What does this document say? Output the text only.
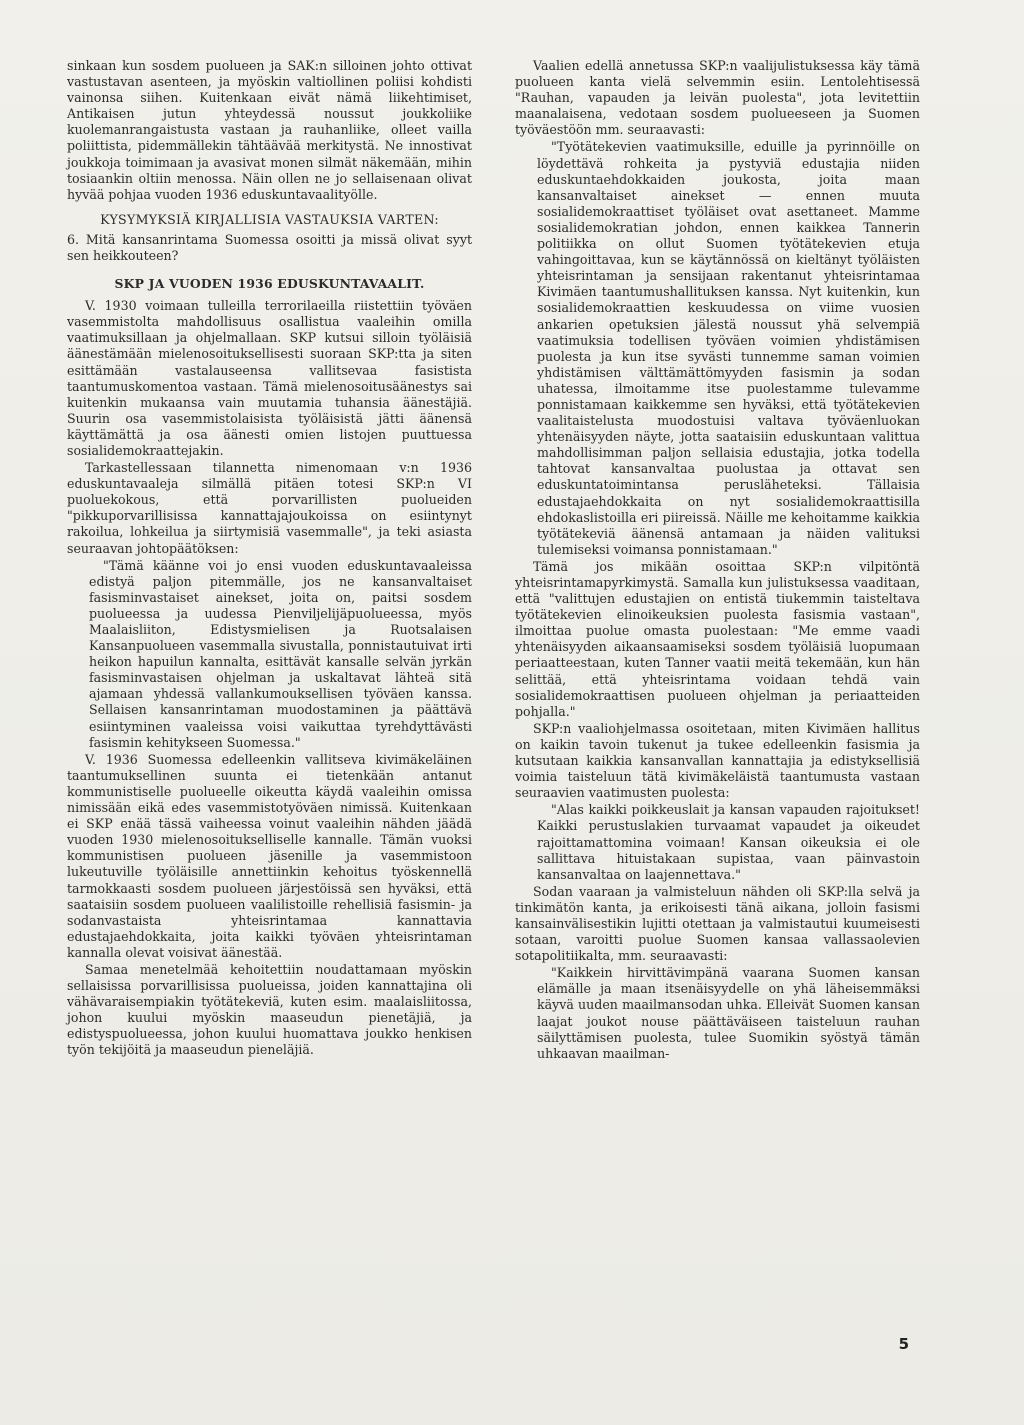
sinkaan kun sosdem puolueen ja SAK:n silloinen johto ottivat vastustavan asenteen, ja myöskin valtiollinen poliisi kohdisti vainonsa siihen. Kuitenkaan eivät nämä liikehtimiset, Antikaisen jutun yhteydessä noussut joukkoliike kuolemanrangaistusta vastaan ja rauhanliike, olleet vailla poliittista, pidemmällekin tähtäävää merkitystä. Ne innostivat joukkoja toimimaan ja avasivat monen silmät näkemään, mihin tosiaankin oltiin menossa. Näin ollen ne jo sellaisenaan olivat hyvää pohjaa vuoden 1936 eduskuntavaalityölle.

KYSYMYKSIÄ KIRJALLISIA VASTAUKSIA VARTEN:

6. Mitä kansanrintama Suomessa osoitti ja missä olivat syyt sen heikkouteen?

SKP JA VUODEN 1936 EDUSKUNTAVAALIT.

V. 1930 voimaan tulleilla terrorilaeilla riistettiin työväen vasemmistolta mahdollisuus osallistua vaaleihin omilla vaatimuksillaan ja ohjelmallaan. SKP kutsui silloin työläisiä äänestämään mielenosoituksellisesti suoraan SKP:tta ja siten esittämään vastalauseensa vallitsevaa fasistista taantumuskomentoa vastaan. Tämä mielenosoitusäänestys sai kuitenkin mukaansa vain muutamia tuhansia äänestäjiä. Suurin osa vasemmistolaisista työläisistä jätti äänensä käyttämättä ja osa äänesti omien listojen puuttuessa sosialidemokraattejakin.

Tarkastellessaan tilannetta nimenomaan v:n 1936 eduskuntavaaleja silmällä pitäen totesi SKP:n VI puoluekokous, että porvarillisten puolueiden "pikkuporvarillisissa kannattajajoukoissa on esiintynyt rakoilua, lohkeilua ja siirtymisiä vasemmalle", ja teki asiasta seuraavan johtopäätöksen:

"Tämä käänne voi jo ensi vuoden eduskuntavaaleissa edistyä paljon pitemmälle, jos ne kansanvaltaiset fasisminvastaiset ainekset, joita on, paitsi sosdem puolueessa ja uudessa Pienviljelijäpuolueessa, myös Maalaisliiton, Edistysmielisen ja Ruotsalaisen Kansanpuolueen vasemmalla sivustalla, ponnistautuivat irti heikon hapuilun kannalta, esittävät kansalle selvän jyrkän fasisminvastaisen ohjelman ja uskaltavat lähteä sitä ajamaan yhdessä vallankumouksellisen työväen kanssa. Sellaisen kansanrintaman muodostaminen ja päättävä esiintyminen vaaleissa voisi vaikuttaa tyrehdyttävästi fasismin kehitykseen Suomessa."

V. 1936 Suomessa edelleenkin vallitseva kivimäkeläinen taantumuksellinen suunta ei tietenkään antanut kommunistiselle puolueelle oikeutta käydä vaaleihin omissa nimissään eikä edes vasemmistotyöväen nimissä. Kuitenkaan ei SKP enää tässä vaiheessa voinut vaaleihin nähden jäädä vuoden 1930 mielenosoitukselliselle kannalle. Tämän vuoksi kommunistisen puolueen jäsenille ja vasemmistoon lukeutuville työläisille annettiinkin kehoitus työskennellä tarmokkaasti sosdem puolueen järjestöissä sen hyväksi, että saataisiin sosdem puolueen vaalilistoille rehellisiä fasismin- ja sodanvastaista yhteisrintamaa kannattavia edustajaehdokkaita, joita kaikki työväen yhteisrintaman kannalla olevat voisivat äänestää.

Samaa menetelmää kehoitettiin noudattamaan myöskin sellaisissa porvarillisissa puolueissa, joiden kannattajina oli vähävaraisempiakin työtätekeviä, kuten esim. maalaisliitossa, johon kuului myöskin maaseudun pienetäjiä, ja edistyspuolueessa, johon kuului huomattava joukko henkisen työn tekijöitä ja maaseudun pieneläjiä.

Vaalien edellä annetussa SKP:n vaalijulistuksessa käy tämä puolueen kanta vielä selvemmin esiin. Lentolehtisessä "Rauhan, vapauden ja leivän puolesta", jota levitettiin maanalaisena, vedotaan sosdem puolueeseen ja Suomen työväestöön mm. seuraavasti:

"Työtätekevien vaatimuksille, eduille ja pyrinnöille on löydettävä rohkeita ja pystyviä edustajia niiden eduskuntaehdokkaiden joukosta, joita maan kansanvaltaiset ainekset — ennen muuta sosialidemokraattiset työläiset ovat asettaneet. Mamme sosialidemokratian johdon, ennen kaikkea Tannerin politiikka on ollut Suomen työtätekevien etuja vahingoittavaa, kun se käytännössä on kieltänyt työläisten yhteisrintaman ja sensijaan rakentanut yhteisrintamaa Kivimäen taantumushallituksen kanssa. Nyt kuitenkin, kun sosialidemokraattien keskuudessa on viime vuosien ankarien opetuksien jälestä noussut yhä selvempiä vaatimuksia todellisen työväen voimien yhdistämisen puolesta ja kun itse syvästi tunnemme saman voimien yhdistämisen välttämättömyyden fasismin ja sodan uhatessa, ilmoitamme itse puolestamme tulevamme ponnistamaan kaikkemme sen hyväksi, että työtätekevien vaalitaistelusta muodostuisi valtava työväenluokan yhtenäisyyden näyte, jotta saataisiin eduskuntaan valittua mahdollisimman paljon sellaisia edustajia, jotka todella tahtovat kansanvaltaa puolustaa ja ottavat sen eduskuntatoimintansa perusläheteksi. Tällaisia edustajaehdokkaita on nyt sosialidemokraattisilla ehdokaslistoilla eri piireissä. Näille me kehoitamme kaikkia työtätekeviä äänensä antamaan ja näiden valituksi tulemiseksi voimansa ponnistamaan."

Tämä jos mikään osoittaa SKP:n vilpitöntä yhteisrintamapyrkimystä. Samalla kun julistuksessa vaaditaan, että "valittujen edustajien on entistä tiukemmin taisteltava työtätekevien elinoikeuksien puolesta fasismia vastaan", ilmoittaa puolue omasta puolestaan: "Me emme vaadi yhtenäisyyden aikaansaamiseksi sosdem työläisiä luopumaan periaatteestaan, kuten Tanner vaatii meitä tekemään, kun hän selittää, että yhteisrintama voidaan tehdä vain sosialidemokraattisen puolueen ohjelman ja periaatteiden pohjalla."

SKP:n vaaliohjelmassa osoitetaan, miten Kivimäen hallitus on kaikin tavoin tukenut ja tukee edelleenkin fasismia ja kutsutaan kaikkia kansanvallan kannattajia ja edistyksellisiä voimia taisteluun tätä kivimäkeläistä taantumusta vastaan seuraavien vaatimusten puolesta:

"Alas kaikki poikkeuslait ja kansan vapauden rajoitukset! Kaikki perustuslakien turvaamat vapaudet ja oikeudet rajoittamattomina voimaan! Kansan oikeuksia ei ole sallittava hituistakaan supistaa, vaan päinvastoin kansanvaltaa on laajennettava."

Sodan vaaraan ja valmisteluun nähden oli SKP:lla selvä ja tinkimätön kanta, ja erikoisesti tänä aikana, jolloin fasismi kansainvälisestikin lujitti otettaan ja valmistautui kuumeisesti sotaan, varoitti puolue Suomen kansaa vallassaolevien sotapolitiikalta, mm. seuraavasti:

"Kaikkein hirvittävimpänä vaarana Suomen kansan elämälle ja maan itsenäisyydelle on yhä läheisemmäksi käyvä uuden maailmansodan uhka. Elleivät Suomen kansan laajat joukot nouse päättäväiseen taisteluun rauhan säilyttämisen puolesta, tulee Suomikin syöstyä tämän uhkaavan maailman-

5
